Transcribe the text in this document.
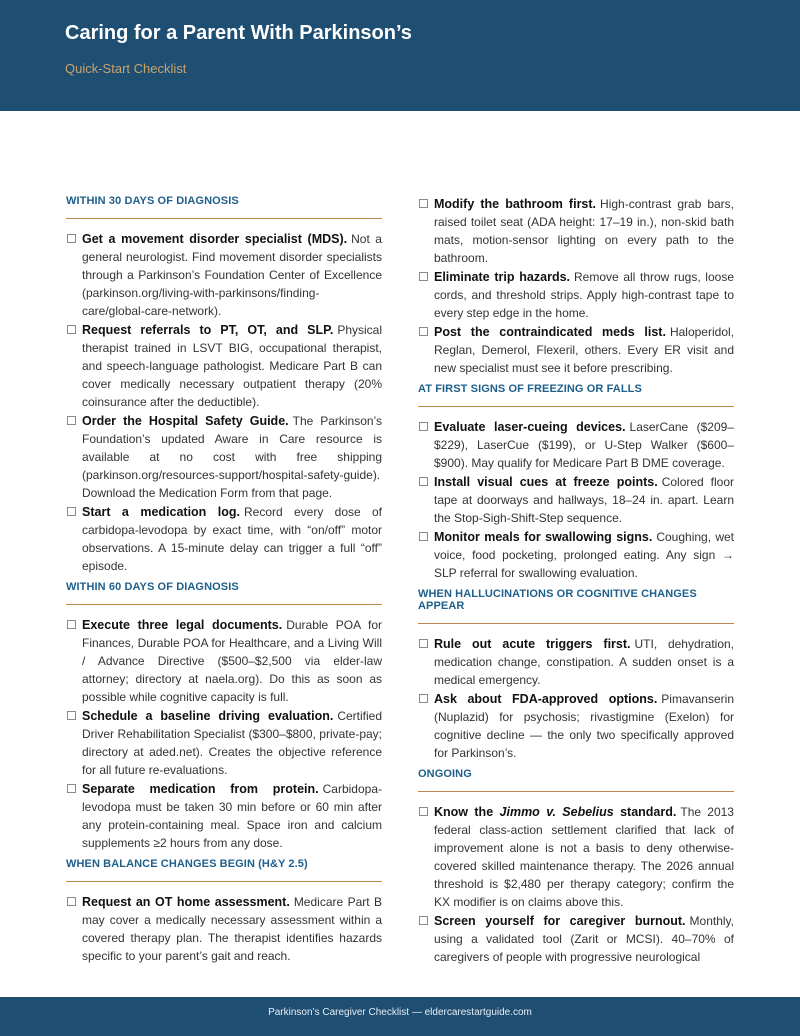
Caring for a Parent With Parkinson’s
Quick-Start Checklist
WITHIN 30 DAYS OF DIAGNOSIS
Get a movement disorder specialist (MDS). Not a general neurologist. Find movement disorder specialists through a Parkinson’s Foundation Center of Excellence (parkinson.org/living-with-parkinsons/finding-care/global-care-network).
Request referrals to PT, OT, and SLP. Physical therapist trained in LSVT BIG, occupational therapist, and speech-language pathologist. Medicare Part B can cover medically necessary outpatient therapy (20% coinsurance after the deductible).
Order the Hospital Safety Guide. The Parkinson’s Foundation’s updated Aware in Care resource is available at no cost with free shipping (parkinson.org/resources-support/hospital-safety-guide). Download the Medication Form from that page.
Start a medication log. Record every dose of carbidopa-levodopa by exact time, with “on/off” motor observations. A 15-minute delay can trigger a full “off” episode.
WITHIN 60 DAYS OF DIAGNOSIS
Execute three legal documents. Durable POA for Finances, Durable POA for Healthcare, and a Living Will / Advance Directive ($500–$2,500 via elder-law attorney; directory at naela.org). Do this as soon as possible while cognitive capacity is full.
Schedule a baseline driving evaluation. Certified Driver Rehabilitation Specialist ($300–$800, private-pay; directory at aded.net). Creates the objective reference for all future re-evaluations.
Separate medication from protein. Carbidopa-levodopa must be taken 30 min before or 60 min after any protein-containing meal. Space iron and calcium supplements ≥2 hours from any dose.
WHEN BALANCE CHANGES BEGIN (H&Y 2.5)
Request an OT home assessment. Medicare Part B may cover a medically necessary assessment within a covered therapy plan. The therapist identifies hazards specific to your parent’s gait and reach.
Modify the bathroom first. High-contrast grab bars, raised toilet seat (ADA height: 17–19 in.), non-skid bath mats, motion-sensor lighting on every path to the bathroom.
Eliminate trip hazards. Remove all throw rugs, loose cords, and threshold strips. Apply high-contrast tape to every step edge in the home.
Post the contraindicated meds list. Haloperidol, Reglan, Demerol, Flexeril, others. Every ER visit and new specialist must see it before prescribing.
AT FIRST SIGNS OF FREEZING OR FALLS
Evaluate laser-cueing devices. LaserCane ($209–$229), LaserCue ($199), or U-Step Walker ($600–$900). May qualify for Medicare Part B DME coverage.
Install visual cues at freeze points. Colored floor tape at doorways and hallways, 18–24 in. apart. Learn the Stop-Sigh-Shift-Step sequence.
Monitor meals for swallowing signs. Coughing, wet voice, food pocketing, prolonged eating. Any sign → SLP referral for swallowing evaluation.
WHEN HALLUCINATIONS OR COGNITIVE CHANGES APPEAR
Rule out acute triggers first. UTI, dehydration, medication change, constipation. A sudden onset is a medical emergency.
Ask about FDA-approved options. Pimavanserin (Nuplazid) for psychosis; rivastigmine (Exelon) for cognitive decline — the only two specifically approved for Parkinson’s.
ONGOING
Know the Jimmo v. Sebelius standard. The 2013 federal class-action settlement clarified that lack of improvement alone is not a basis to deny otherwise-covered skilled maintenance therapy. The 2026 annual threshold is $2,480 per therapy category; confirm the KX modifier is on claims above this.
Screen yourself for caregiver burnout. Monthly, using a validated tool (Zarit or MCSI). 40–70% of caregivers of people with progressive neurological
Parkinson’s Caregiver Checklist — eldercarestartguide.com
